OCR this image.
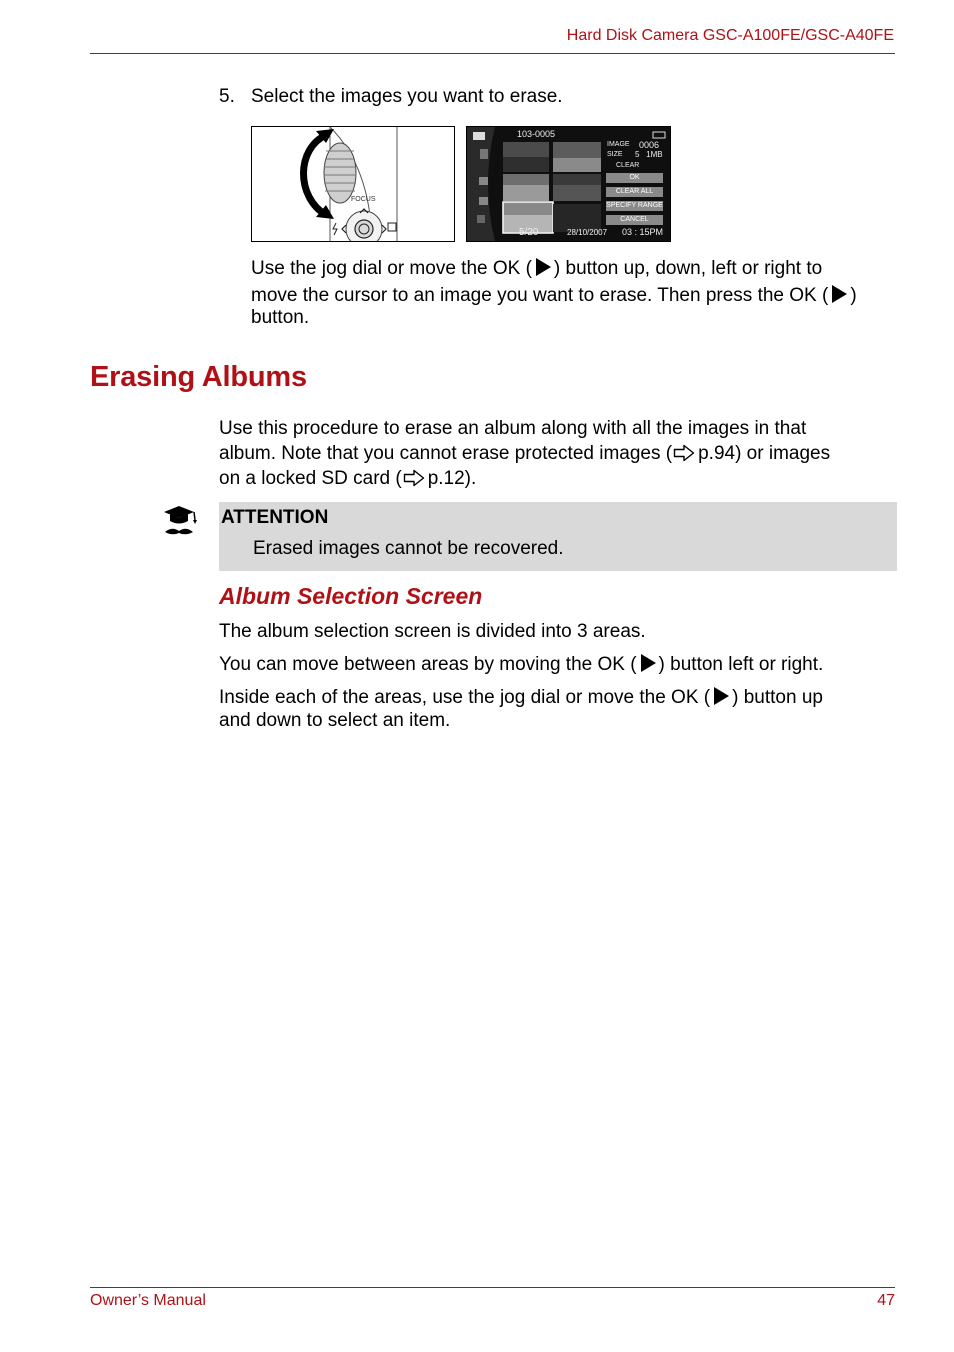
Hard Disk Camera GSC-A100FE/GSC-A40FE
5. Select the images you want to erase.
FOCUS
103-0005
IMAGE 0006
SIZE 5   1MB
CLEAR
OK
CLEAR ALL
SPECIFY RANGE
CANCEL
5/20	28/10/2007 03 : 15PM
Use the jog dial or move the OK ( ) button up, down, left or right to
move the cursor to an image you want to erase. Then press the OK ( )
button.
Erasing Albums
Use this procedure to erase an album along with all the images in that
album. Note that you cannot erase protected images ( p.94) or images
on a locked SD card ( p.12).
ATTENTION
Erased images cannot be recovered.
Album Selection Screen
The album selection screen is divided into 3 areas.
You can move between areas by moving the OK ( ) button left or right.
Inside each of the areas, use the jog dial or move the OK ( ) button up
and down to select an item.
Owner’s Manual	47
